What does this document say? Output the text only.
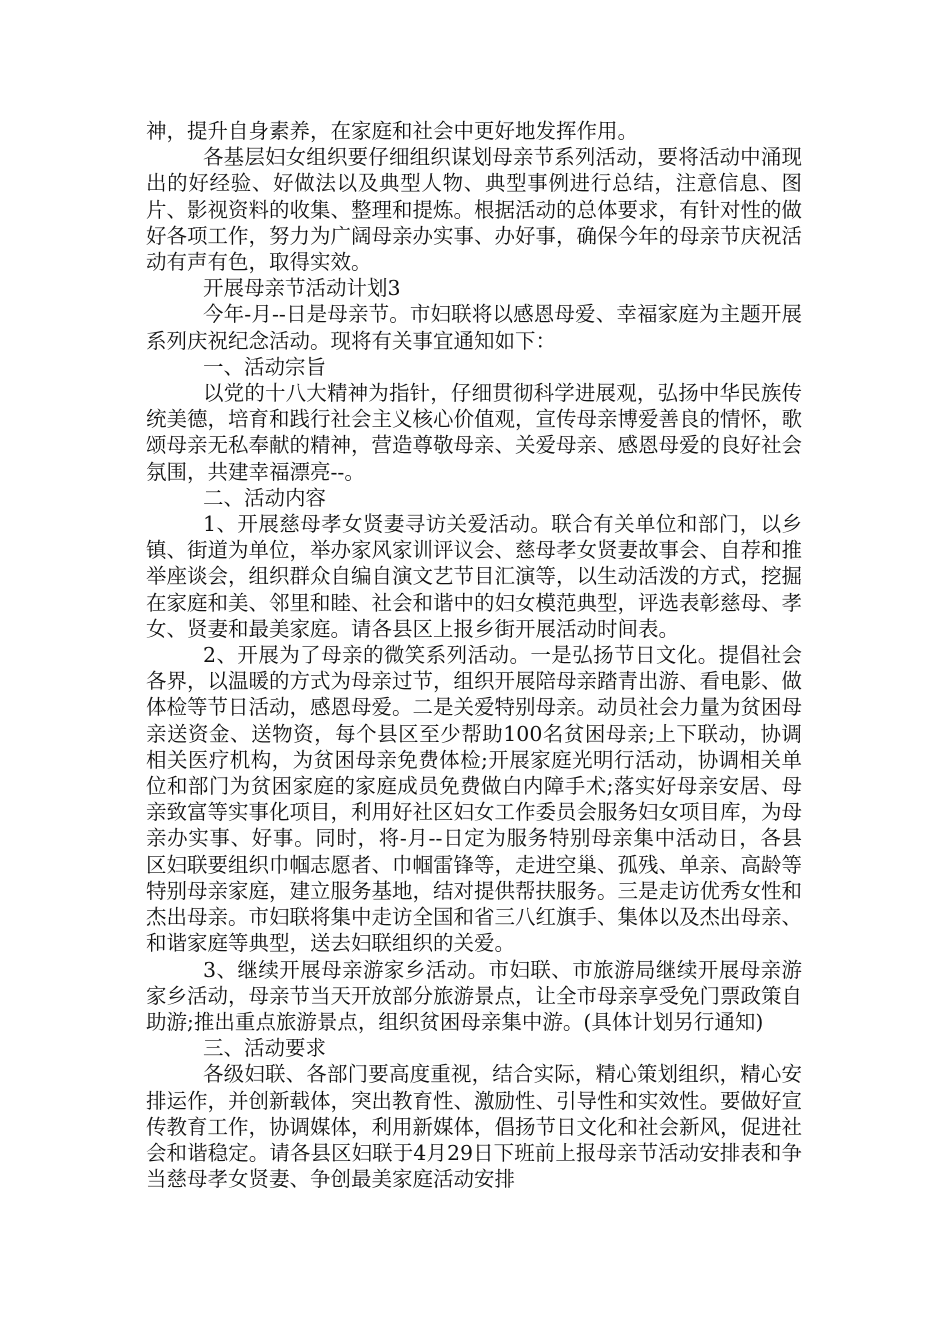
神，提升自身素养，在家庭和社会中更好地发挥作用。

各基层妇女组织要仔细组织谋划母亲节系列活动，要将活动中涌现出的好经验、好做法以及典型人物、典型事例进行总结，注意信息、图片、影视资料的收集、整理和提炼。根据活动的总体要求，有针对性的做好各项工作，努力为广阔母亲办实事、办好事，确保今年的母亲节庆祝活动有声有色，取得实效。

开展母亲节活动计划3

今年-月--日是母亲节。市妇联将以感恩母爱、幸福家庭为主题开展系列庆祝纪念活动。现将有关事宜通知如下：

一、活动宗旨

以党的十八大精神为指针，仔细贯彻科学进展观，弘扬中华民族传统美德，培育和践行社会主义核心价值观，宣传母亲博爱善良的情怀，歌颂母亲无私奉献的精神，营造尊敬母亲、关爱母亲、感恩母爱的良好社会氛围，共建幸福漂亮--。

二、活动内容

1、开展慈母孝女贤妻寻访关爱活动。联合有关单位和部门，以乡镇、街道为单位，举办家风家训评议会、慈母孝女贤妻故事会、自荐和推举座谈会，组织群众自编自演文艺节目汇演等，以生动活泼的方式，挖掘在家庭和美、邻里和睦、社会和谐中的妇女模范典型，评选表彰慈母、孝女、贤妻和最美家庭。请各县区上报乡街开展活动时间表。

2、开展为了母亲的微笑系列活动。一是弘扬节日文化。提倡社会各界，以温暖的方式为母亲过节，组织开展陪母亲踏青出游、看电影、做体检等节日活动，感恩母爱。二是关爱特别母亲。动员社会力量为贫困母亲送资金、送物资，每个县区至少帮助100名贫困母亲;上下联动，协调相关医疗机构，为贫困母亲免费体检;开展家庭光明行活动，协调相关单位和部门为贫困家庭的家庭成员免费做白内障手术;落实好母亲安居、母亲致富等实事化项目，利用好社区妇女工作委员会服务妇女项目库，为母亲办实事、好事。同时，将-月--日定为服务特别母亲集中活动日，各县区妇联要组织巾帼志愿者、巾帼雷锋等，走进空巢、孤残、单亲、高龄等特别母亲家庭，建立服务基地，结对提供帮扶服务。三是走访优秀女性和杰出母亲。市妇联将集中走访全国和省三八红旗手、集体以及杰出母亲、和谐家庭等典型，送去妇联组织的关爱。

3、继续开展母亲游家乡活动。市妇联、市旅游局继续开展母亲游家乡活动，母亲节当天开放部分旅游景点，让全市母亲享受免门票政策自助游;推出重点旅游景点，组织贫困母亲集中游。(具体计划另行通知)

三、活动要求

各级妇联、各部门要高度重视，结合实际，精心策划组织，精心安排运作，并创新载体，突出教育性、激励性、引导性和实效性。要做好宣传教育工作，协调媒体，利用新媒体，倡扬节日文化和社会新风，促进社会和谐稳定。请各县区妇联于4月29日下班前上报母亲节活动安排表和争当慈母孝女贤妻、争创最美家庭活动安排
